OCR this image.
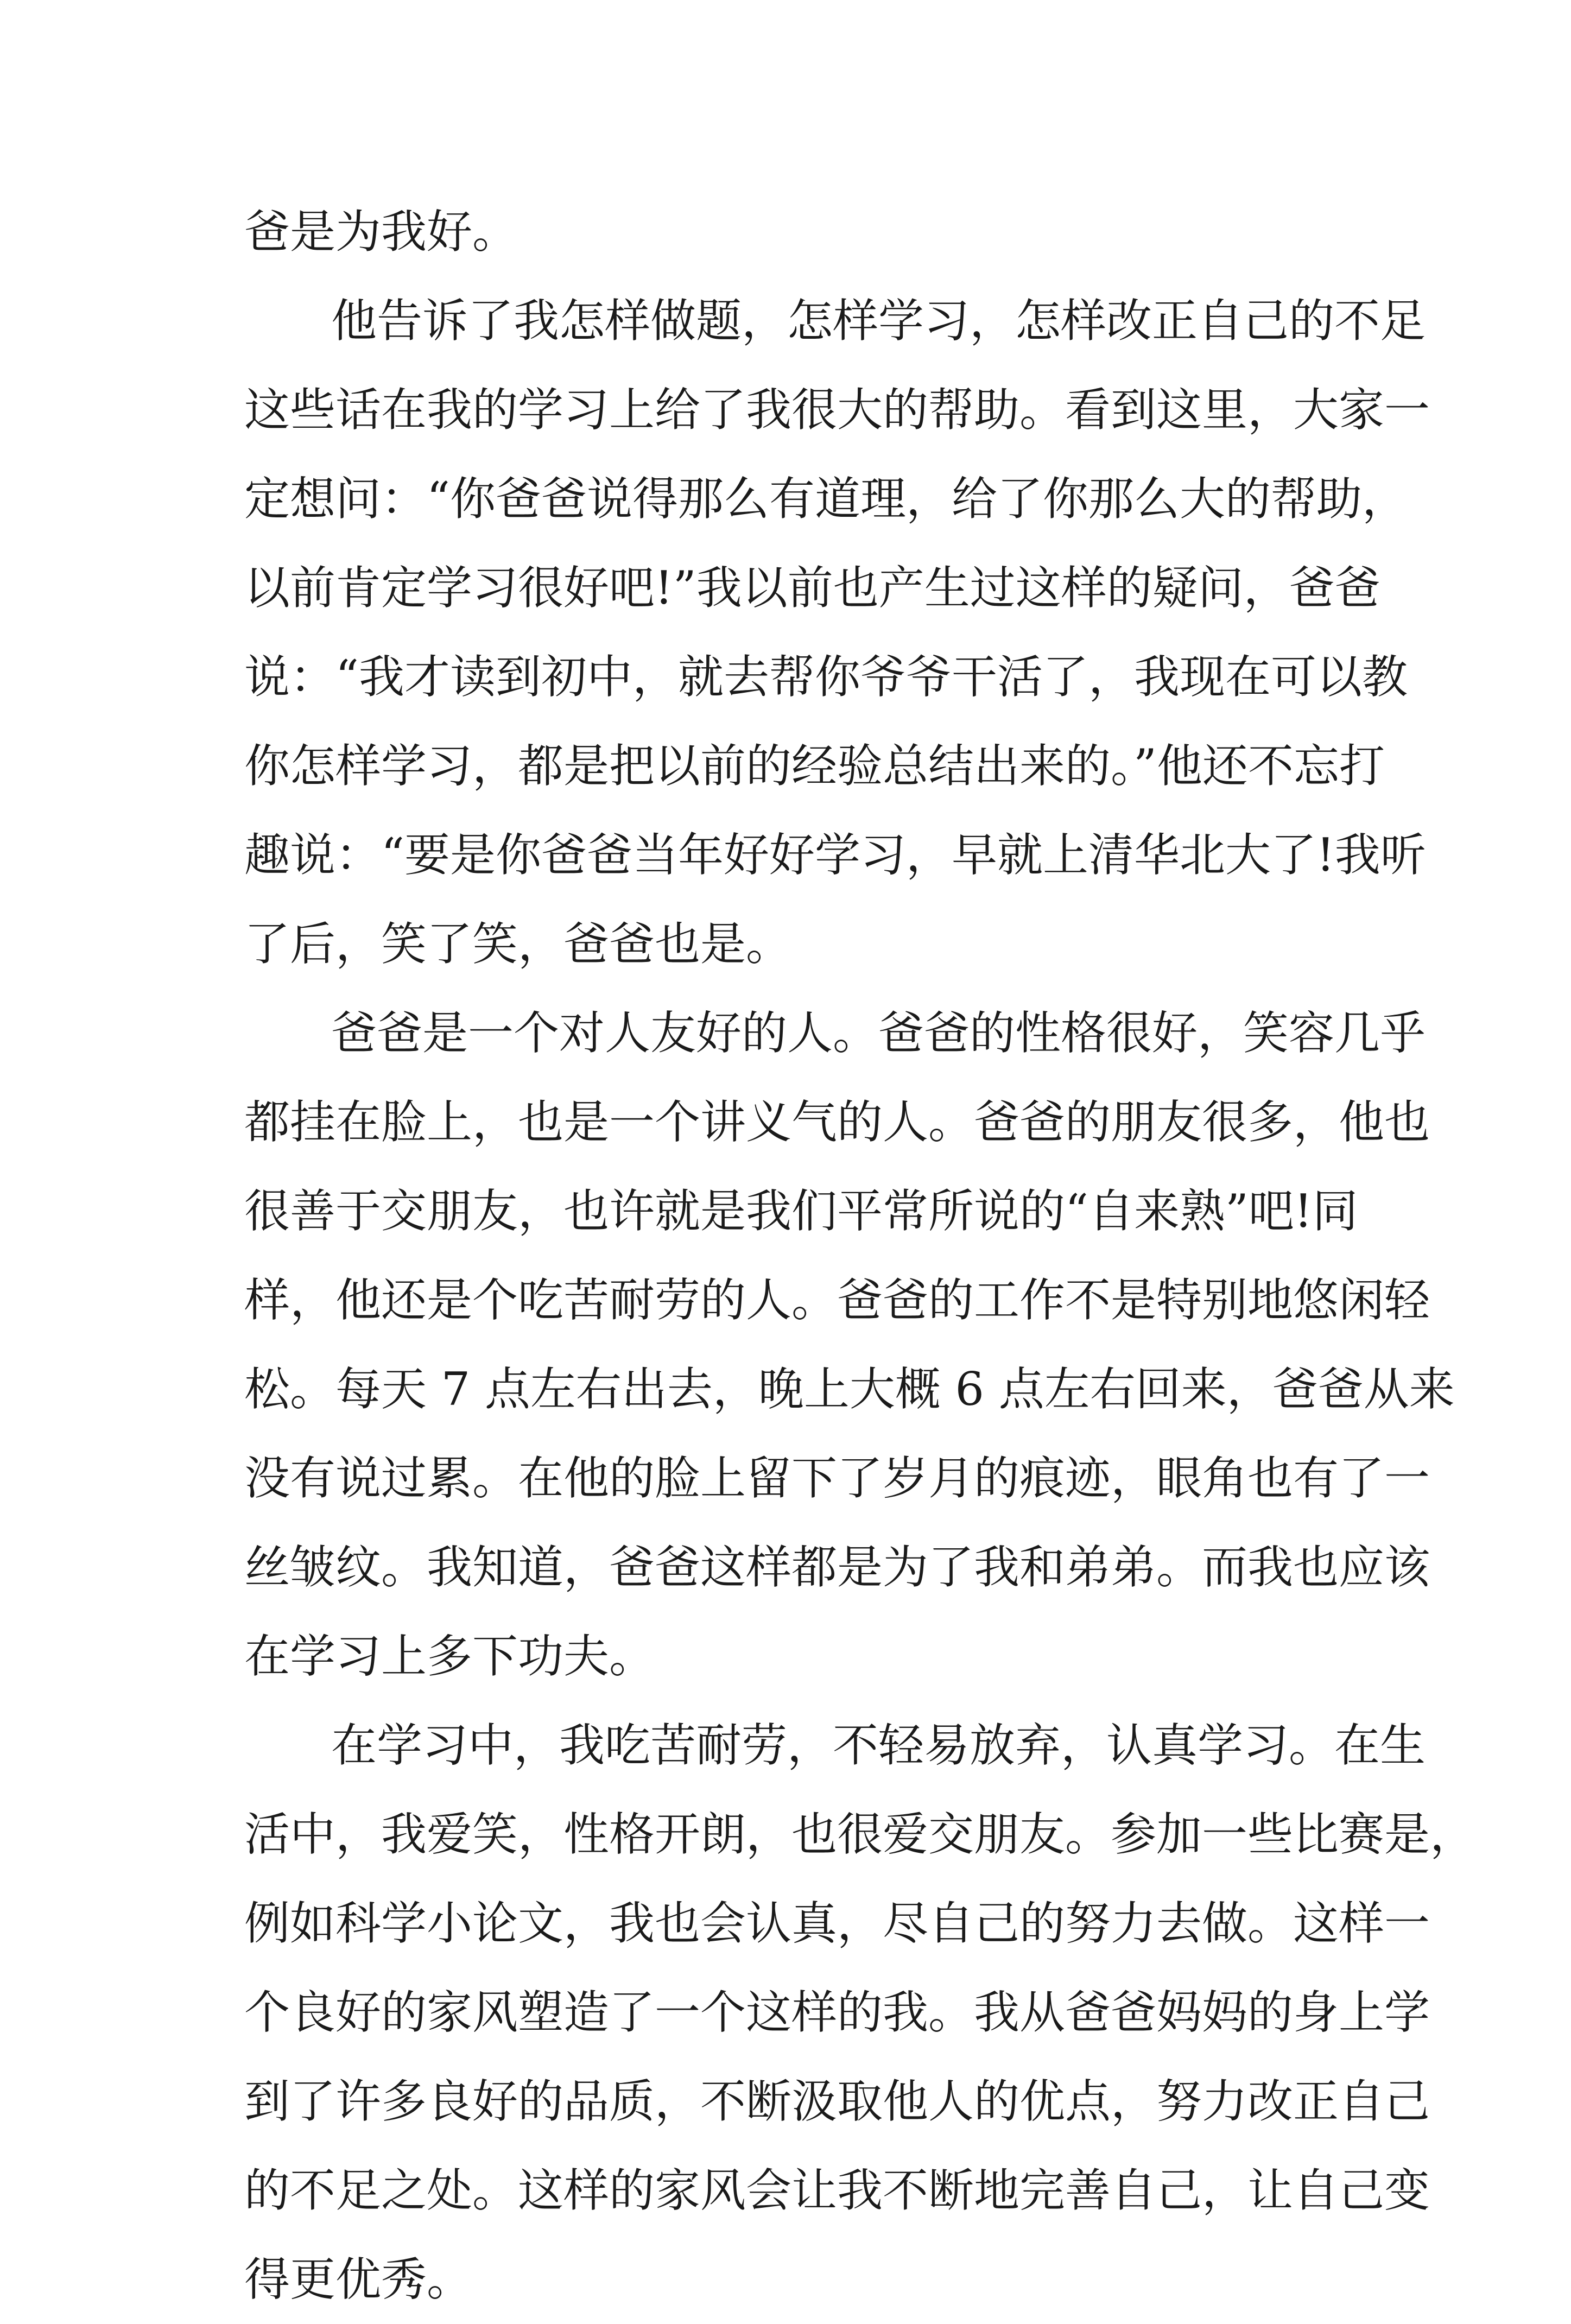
爸是为我好。
他告诉了我怎样做题，怎样学习，怎样改正自己的不足
这些话在我的学习上给了我很大的帮助。看到这里，大家一
定想问：“你爸爸说得那么有道理，给了你那么大的帮助，
以前肯定学习很好吧!”我以前也产生过这样的疑问，爸爸
说：“我才读到初中，就去帮你爷爷干活了，我现在可以教
你怎样学习，都是把以前的经验总结出来的。”他还不忘打
趣说：“要是你爸爸当年好好学习，早就上清华北大了!我听
了后，笑了笑，爸爸也是。
爸爸是一个对人友好的人。爸爸的性格很好，笑容几乎
都挂在脸上，也是一个讲义气的人。爸爸的朋友很多，他也
很善于交朋友，也许就是我们平常所说的“自来熟”吧!同
样，他还是个吃苦耐劳的人。爸爸的工作不是特别地悠闲轻
松。每天 7 点左右出去，晚上大概 6 点左右回来，爸爸从来
没有说过累。在他的脸上留下了岁月的痕迹，眼角也有了一
丝皱纹。我知道，爸爸这样都是为了我和弟弟。而我也应该
在学习上多下功夫。
在学习中，我吃苦耐劳，不轻易放弃，认真学习。在生
活中，我爱笑，性格开朗，也很爱交朋友。参加一些比赛是，
例如科学小论文，我也会认真，尽自己的努力去做。这样一
个良好的家风塑造了一个这样的我。我从爸爸妈妈的身上学
到了许多良好的品质，不断汲取他人的优点，努力改正自己
的不足之处。这样的家风会让我不断地完善自己，让自己变
得更优秀。
